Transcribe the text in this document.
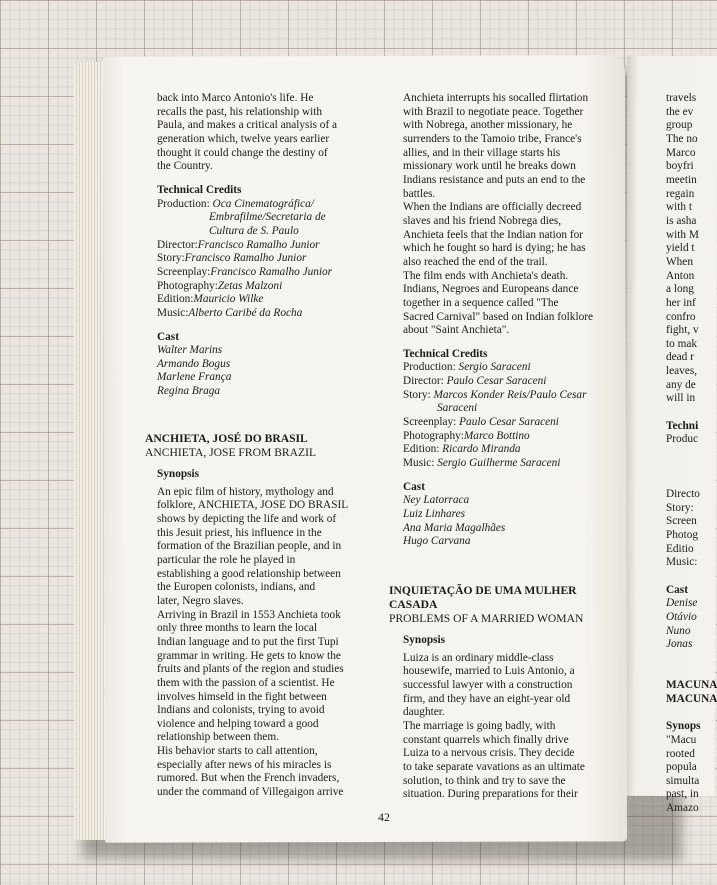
back into Marco Antonio's life. He

recalls the past, his relationship with

Paula, and makes a critical analysis of a

generation which, twelve years earlier

thought it could change the destiny of

the Country.

Technical Credits

Production:
Oca Cinematográfica/

Embrafilme/Secretaria de

Cultura de S. Paulo

Director: Francisco Ramalho Junior
Story: Francisco Ramalho Junior
Screenplay: Francisco Ramalho Junior
Photography: Zetas Malzoni
Edition: Mauricio Wilke
Music: Alberto Caribé da Rocha

Cast

Walter Marins

Armando Bogus

Marlene França

Regina Braga

ANCHIETA, JOSÉ DO BRASIL

ANCHIETA, JOSE FROM BRAZIL

Synopsis

An epic film of history, mythology and

folklore, ANCHIETA, JOSE DO BRASIL

shows by depicting the life and work of

this Jesuit priest, his influence in the

formation of the Brazilian people, and in

particular the role he played in

establishing a good relationship between

the Europen colonists, indians, and

later, Negro slaves.

Arriving in Brazil in 1553 Anchieta took

only three months to learn the local

Indian language and to put the first Tupi

grammar in writing. He gets to know the

fruits and plants of the region and studies

them with the passion of a scientist. He

involves himseld in the fight between

Indians and colonists, trying to avoid

violence and helping toward a good

relationship between them.

His behavior starts to call attention,

especially after news of his miracles is

rumored. But when the French invaders,

under the command of Villegaigon arrive

Anchieta interrupts his socalled flirtation

with Brazil to negotiate peace. Together

with Nobrega, another missionary, he

surrenders to the Tamoio tribe, France's

allies, and in their village starts his

missionary work until he breaks down

Indians resistance and puts an end to the

battles.

When the Indians are officially decreed

slaves and his friend Nobrega dies,

Anchieta feels that the Indian nation for

which he fought so hard is dying; he has

also reached the end of the trail.

The film ends with Anchieta's death.

Indians, Negroes and Europeans dance

together in a sequence called "The

Sacred Carnival" based on Indian folklore

about "Saint Anchieta".

Technical Credits

Production:
Sergio Saraceni
Director:
Paulo Cesar Saraceni
Story:
Marcos Konder Reis/Paulo Cesar

Saraceni

Screenplay:
Paulo Cesar Saraceni
Photography: Marco Bottino
Edition:
Ricardo Miranda
Music:
Sergio Guilherme Saraceni

Cast

Ney Latorraca

Luiz Linhares

Ana Maria Magalhães

Hugo Carvana

INQUIETAÇÃO DE UMA MULHER

CASADA

PROBLEMS OF A MARRIED WOMAN

Synopsis

Luiza is an ordinary middle-class

housewife, married to Luis Antonio, a

successful lawyer with a construction

firm, and they have an eight-year old

daughter.

The marriage is going badly, with

constant quarrels which finally drive

Luiza to a nervous crisis. They decide

to take separate vavations as an ultimate

solution, to think and try to save the

situation. During preparations for their

travels

the ev

group

The no

Marco

boyfri

meetin

regain

with t

is asha

with M

yield t

When

Anton

a long

her inf

confro

fight, v

to mak

dead r

leaves,

any de

will in

Techni

Produc

Directo

Story:

Screen

Photog

Editio

Music:

Cast

Denise

Otávio

Nuno

Jonas

MACUNA

MACUNA

Synops

"Macu

rooted

popula

simulta

past, in

Amazo

42
